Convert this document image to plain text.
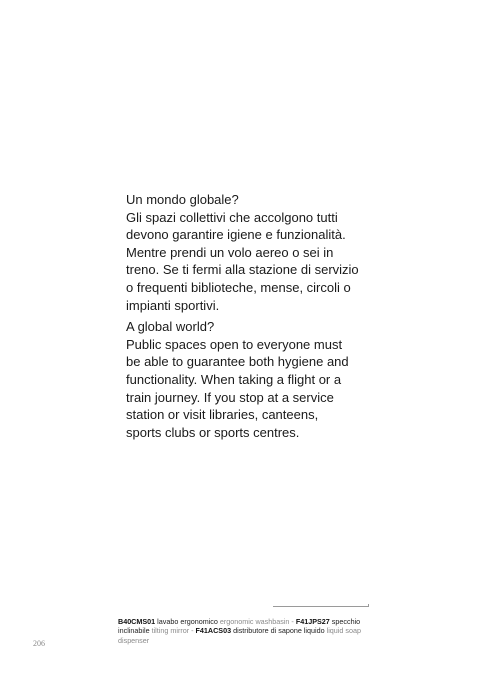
Un mondo globale?
Gli spazi collettivi che accolgono tutti
devono garantire igiene e funzionalità.
Mentre prendi un volo aereo o sei in
treno. Se ti fermi alla stazione di servizio
o frequenti biblioteche, mense, circoli o
impianti sportivi.

A global world?
Public spaces open to everyone must
be able to guarantee both hygiene and
functionality. When taking a flight or a
train journey. If you stop at a service
station or visit libraries, canteens,
sports clubs or sports centres.

B40CMS01 lavabo ergonomico ergonomic washbasin - F41JPS27 specchio inclinabile tilting mirror - F41ACS03 distributore di sapone liquido liquid soap dispenser
206
